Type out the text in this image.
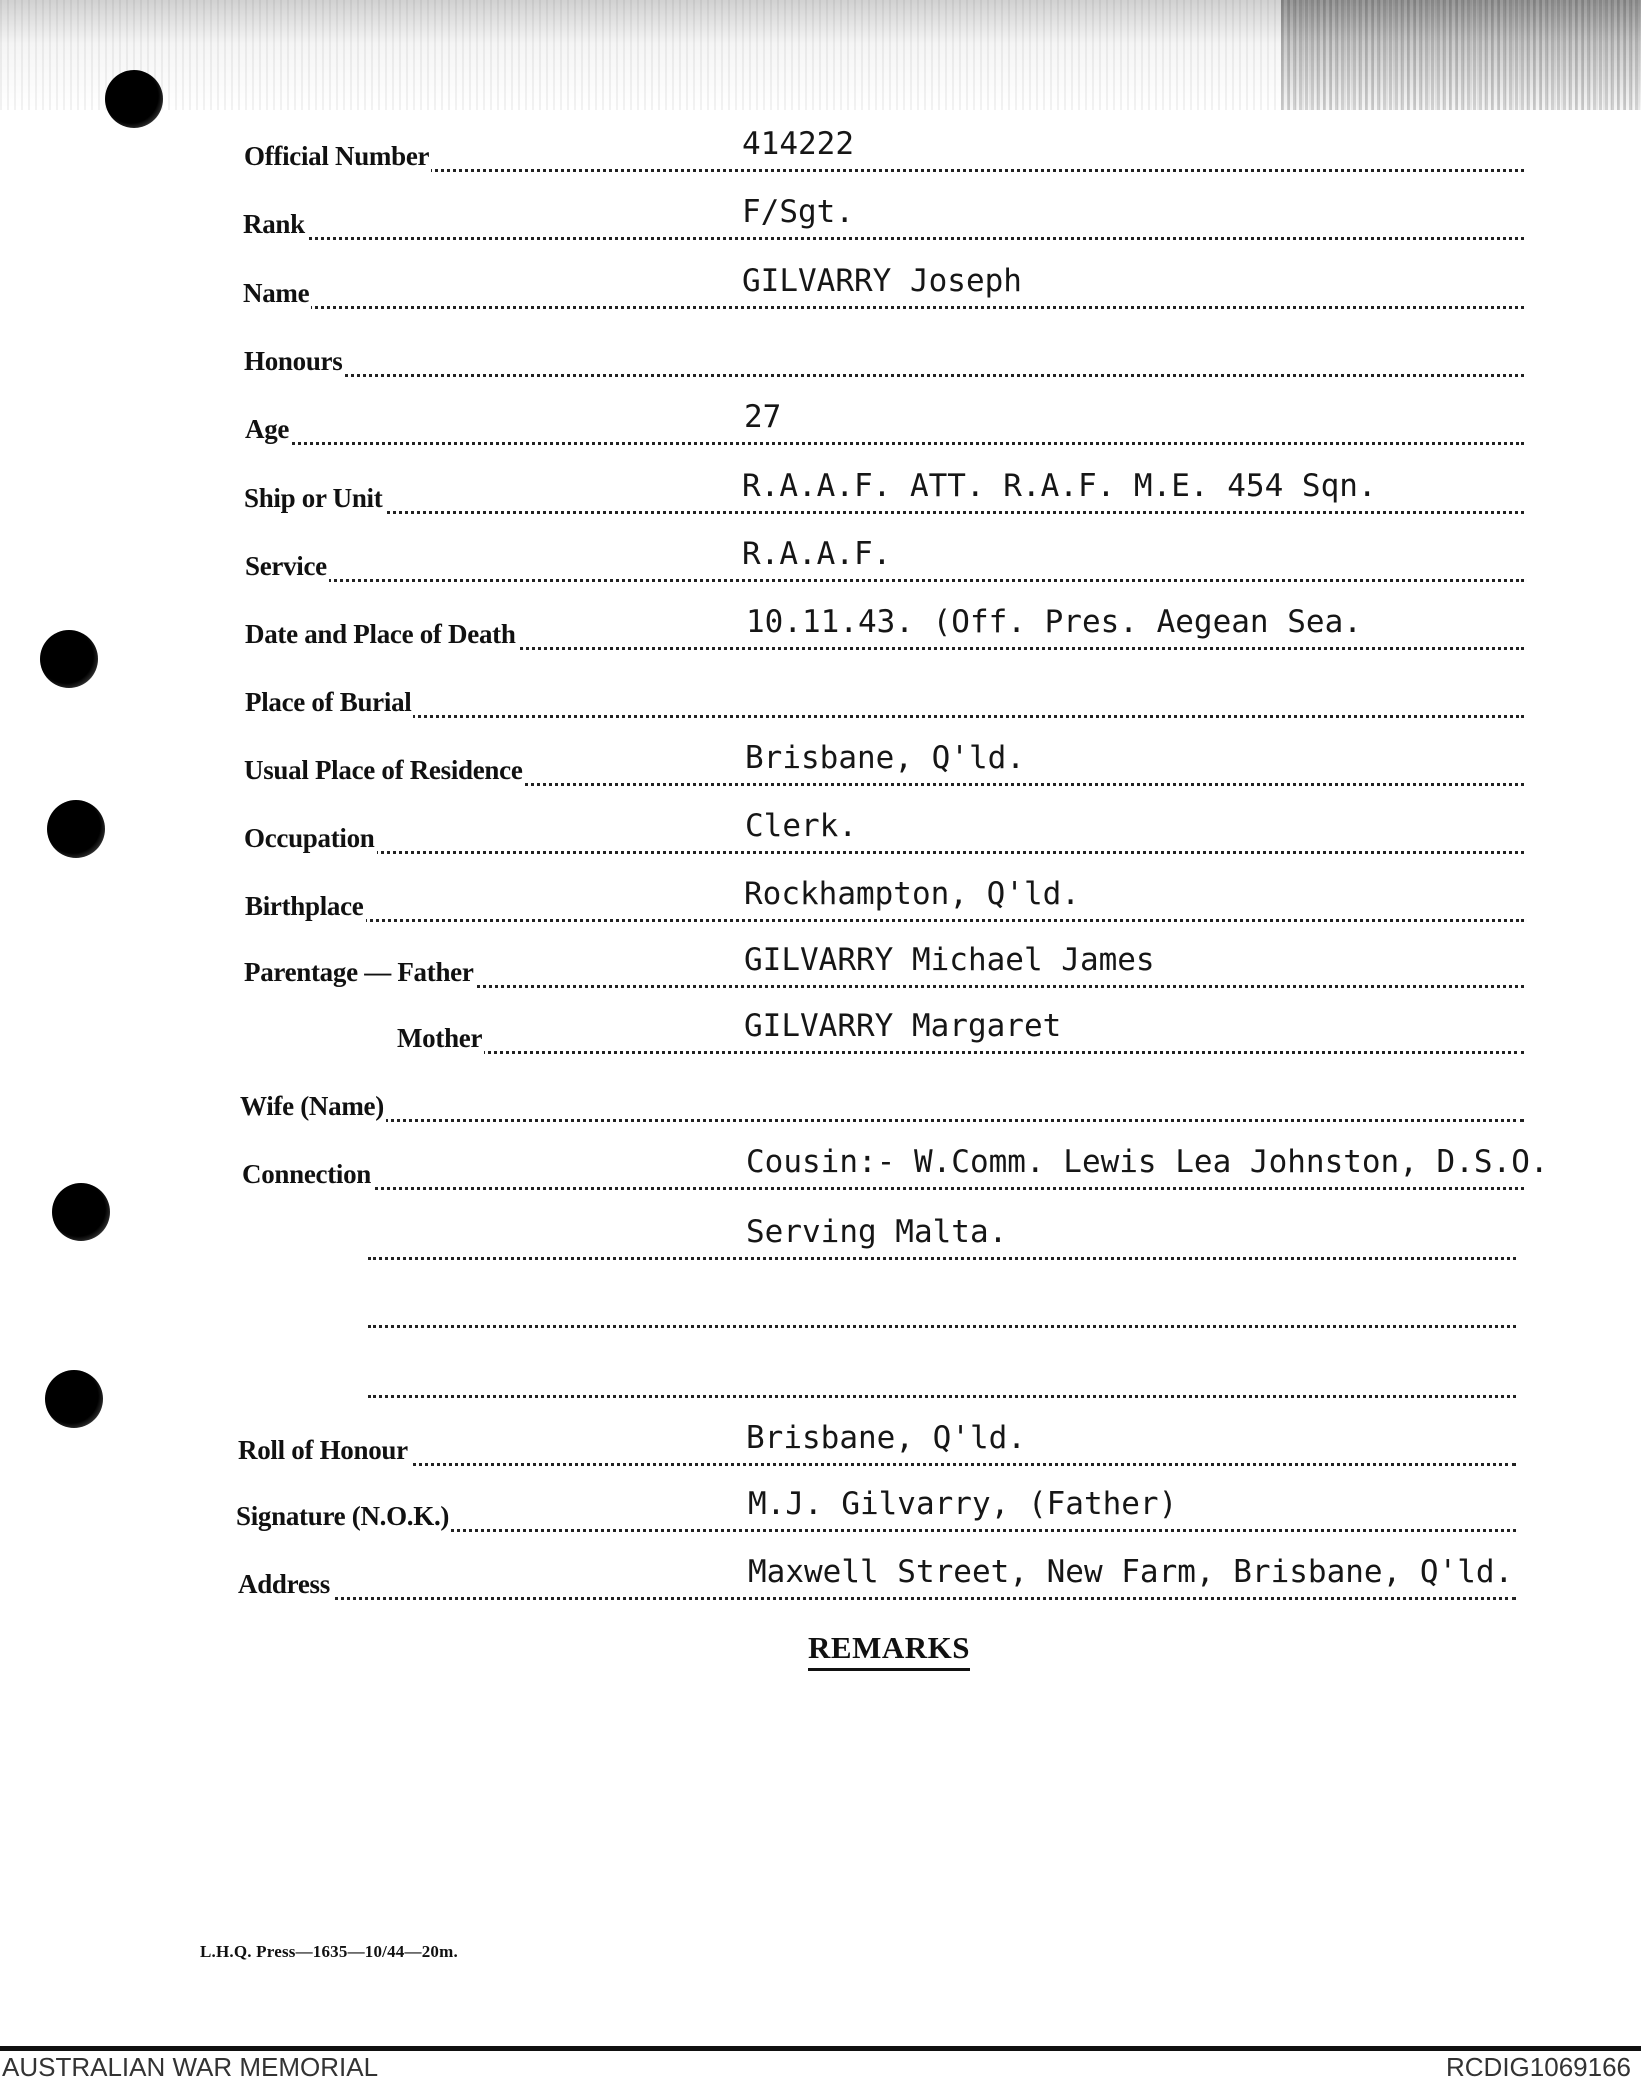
Official Number	414222
Rank	F/Sgt.
Name	GILVARRY Joseph
Honours
Age	27
Ship or Unit	R.A.A.F. ATT. R.A.F. M.E. 454 Sqn.
Service	R.A.A.F.
Date and Place of Death	10.11.43. (Off. Pres. Aegean Sea.
Place of Burial
Usual Place of Residence	Brisbane, Q'ld.
Occupation	Clerk.
Birthplace	Rockhampton, Q'ld.
Parentage — Father	GILVARRY Michael James
Mother	GILVARRY Margaret
Wife (Name)
Connection	Cousin:- W.Comm. Lewis Lea Johnston, D.S.O.
Serving Malta.
Roll of Honour	Brisbane, Q'ld.
Signature (N.O.K.)	M.J. Gilvarry, (Father)
Address	Maxwell Street, New Farm, Brisbane, Q'ld.
REMARKS
L.H.Q. Press—1635—10/44—20m.
AUSTRALIAN WAR MEMORIAL	RCDIG1069166
